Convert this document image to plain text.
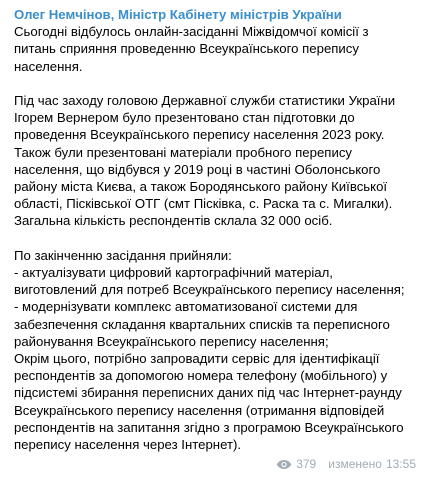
Олег Немчінов, Міністр Кабінету міністрів України
Сьогодні відбулось онлайн-засіданні Міжвідомчої комісії з
питань сприяння проведенню Всеукраїнського перепису
населення.
Під час заходу головою Державної служби статистики України
Ігорем Вернером було презентовано стан підготовки до
проведення Всеукраїнського перепису населення 2023 року.
Також були презентовані матеріали пробного перепису
населення, що відбувся у 2019 році в частині Оболонського
району міста Києва, а також Бородянського району Київської
області, Пісківської ОТГ (смт Пісківка, с. Раска та с. Мигалки).
Загальна кількість респондентів склала 32 000 осіб.
По закінченню засідання прийняли:
- актуалізувати цифровий картографічний матеріал,
виготовлений для потреб Всеукраїнського перепису населення;
- модернізувати комплекс автоматизованої системи для
забезпечення складання квартальних списків та переписного
районування Всеукраїнського перепису населення;
Окрім цього, потрібно запровадити сервіс для ідентифікації
респондентів за допомогою номера телефону (мобільного) у
підсистемі збирання переписних даних під час Інтернет-раунду
Всеукраїнського перепису населення (отримання відповідей
респондентів на запитання згідно з програмою Всеукраїнського
перепису населення через Інтернет).
379 изменено 13:55
